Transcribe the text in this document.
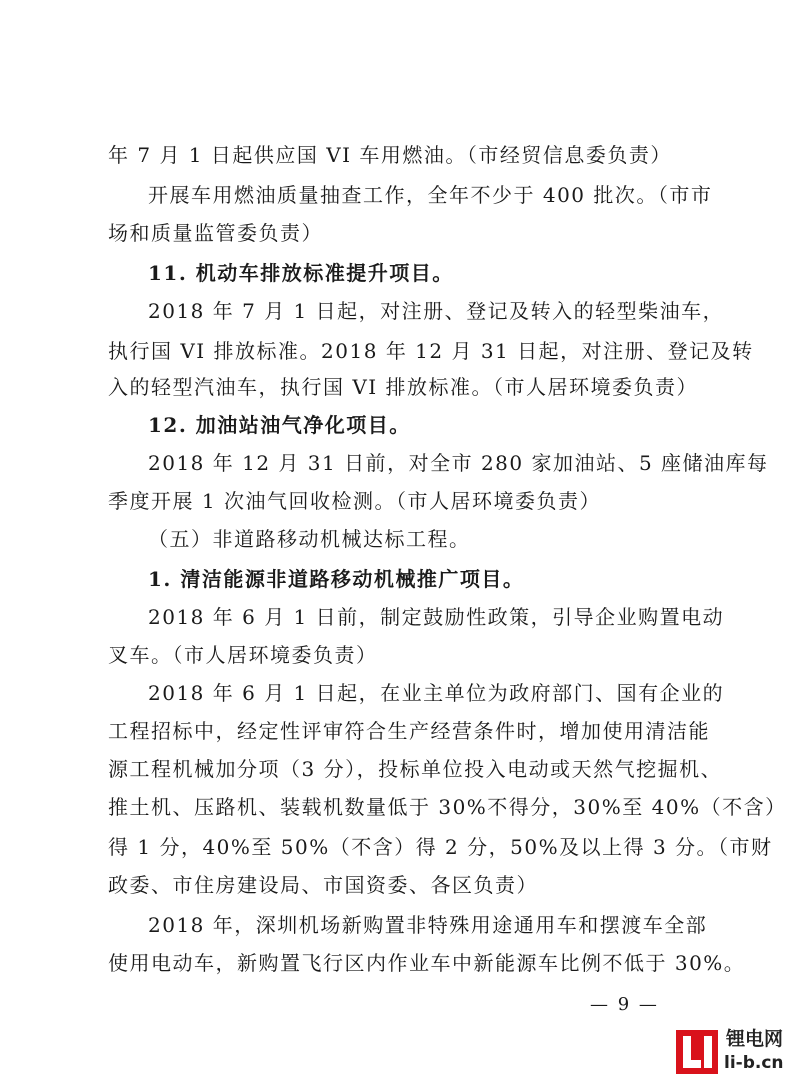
年 7 月 1 日起供应国 VI 车用燃油。（市经贸信息委负责）
开展车用燃油质量抽查工作，全年不少于 400 批次。（市市
场和质量监管委负责）
11. 机动车排放标准提升项目。
2018 年 7 月 1 日起，对注册、登记及转入的轻型柴油车，
执行国 VI 排放标准。2018 年 12 月 31 日起，对注册、登记及转
入的轻型汽油车，执行国 VI 排放标准。（市人居环境委负责）
12. 加油站油气净化项目。
2018 年 12 月 31 日前，对全市 280 家加油站、5 座储油库每
季度开展 1 次油气回收检测。（市人居环境委负责）
（五）非道路移动机械达标工程。
1. 清洁能源非道路移动机械推广项目。
2018 年 6 月 1 日前，制定鼓励性政策，引导企业购置电动
叉车。（市人居环境委负责）
2018 年 6 月 1 日起，在业主单位为政府部门、国有企业的
工程招标中，经定性评审符合生产经营条件时，增加使用清洁能
源工程机械加分项（3 分），投标单位投入电动或天然气挖掘机、
推土机、压路机、装载机数量低于 30%不得分，30%至 40%（不含）
得 1 分，40%至 50%（不含）得 2 分，50%及以上得 3 分。（市财
政委、市住房建设局、市国资委、各区负责）
2018 年，深圳机场新购置非特殊用途通用车和摆渡车全部
使用电动车，新购置飞行区内作业车中新能源车比例不低于 30%。
— 9 —
锂电网
li-b.cn
